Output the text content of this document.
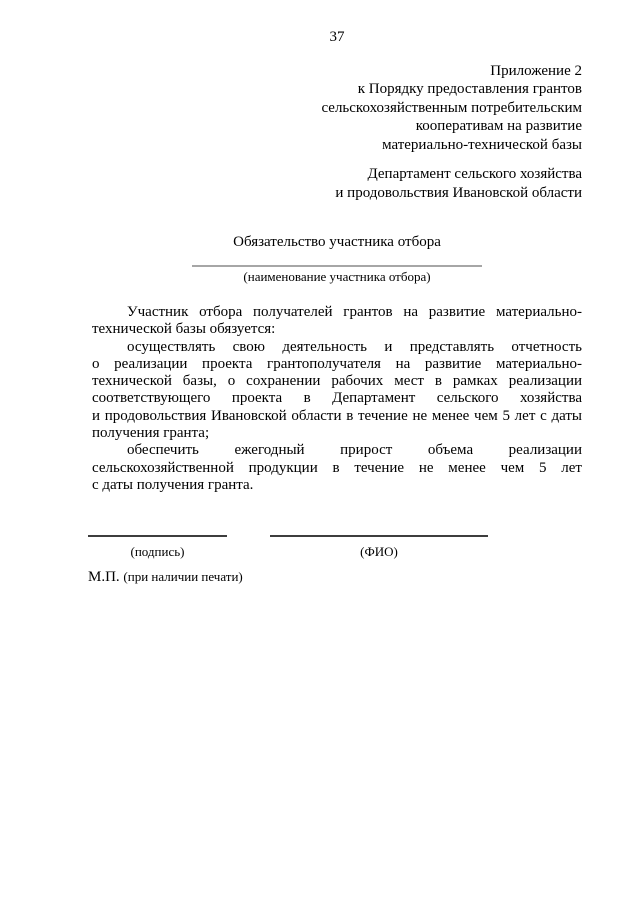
37
Приложение 2
к Порядку предоставления грантов
сельскохозяйственным потребительским
кооперативам на развитие
материально-технической базы
Департамент сельского хозяйства
и продовольствия Ивановской области
Обязательство участника отбора
(наименование участника отбора)
Участник отбора получателей грантов на развитие материально-
технической базы обязуется:
осуществлять свою деятельность и представлять отчетность
о реализации проекта грантополучателя на развитие материально-
технической базы, о сохранении рабочих мест в рамках реализации
соответствующего проекта в Департамент сельского хозяйства
и продовольствия Ивановской области в течение не менее чем 5 лет с даты
получения гранта;
обеспечить ежегодный прирост объема реализации
сельскохозяйственной продукции в течение не менее чем 5 лет
с даты получения гранта.
(подпись)	(ФИО)
М.П. (при наличии печати)
